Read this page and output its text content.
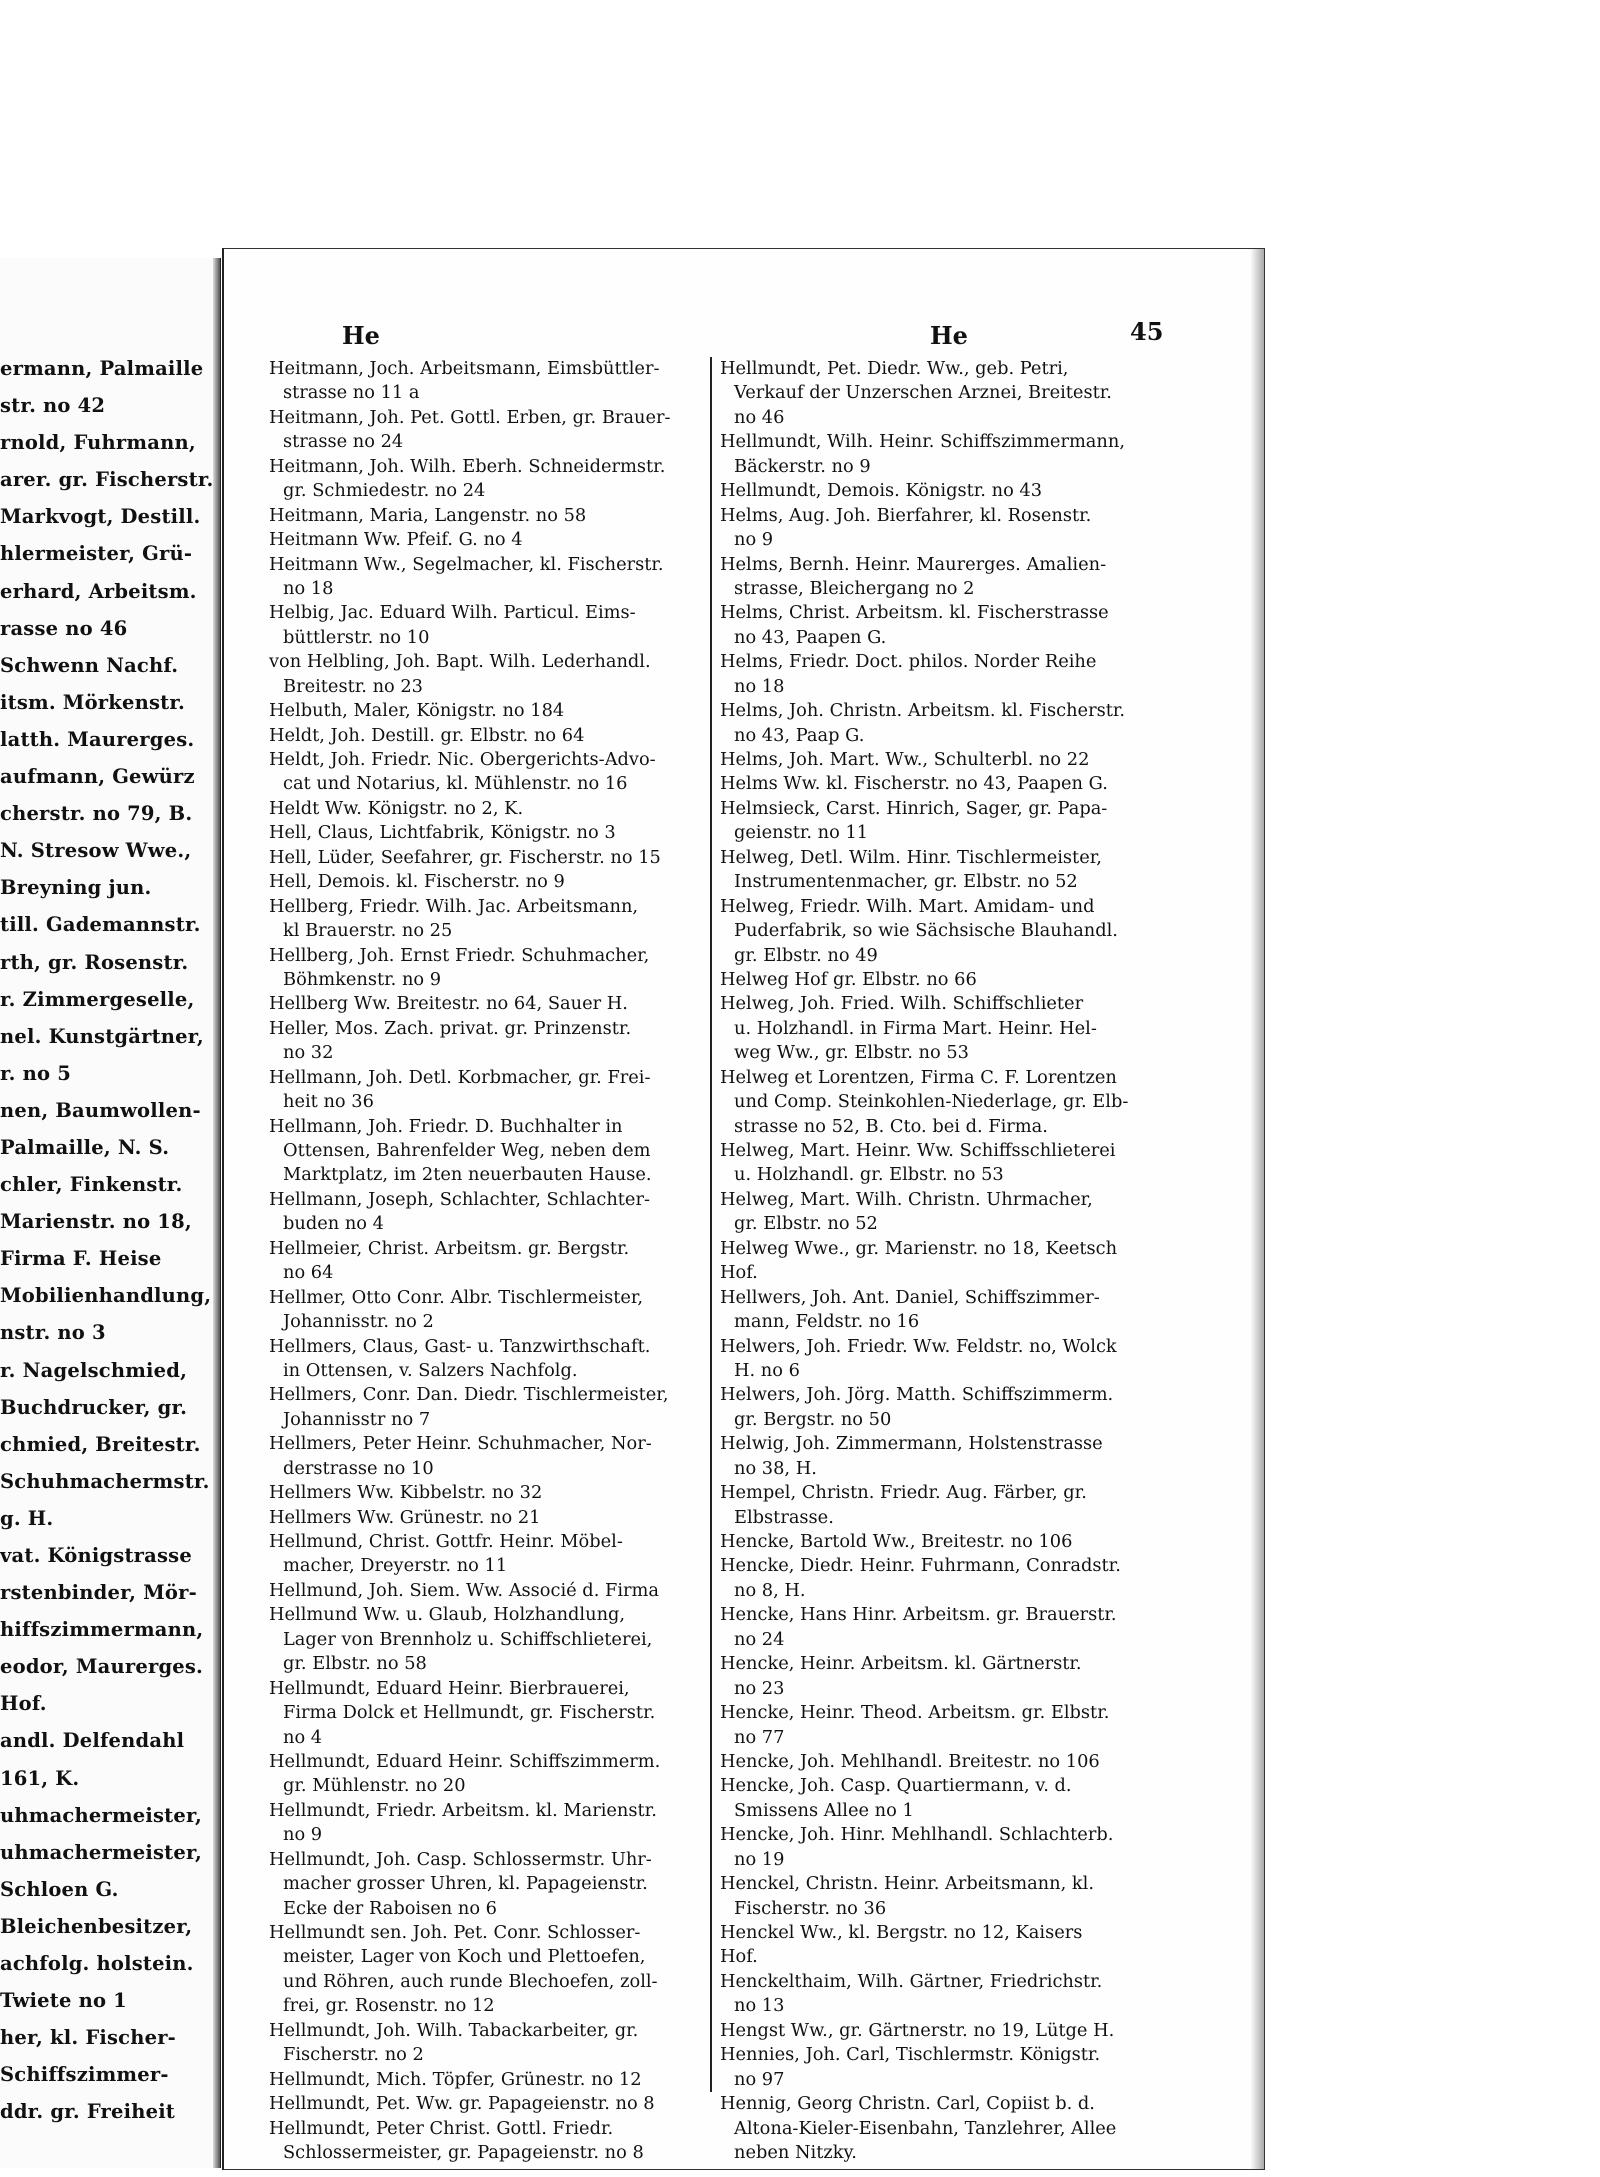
ermann, Palmaille
str. no 42
rnold, Fuhrmann,
arer. gr. Fischerstr.
Markvogt, Destill.
hlermeister, Grü-
erhard, Arbeitsm.
rasse no 46
Schwenn Nachf.
itsm. Mörkenstr.
latth. Maurerges.
aufmann, Gewürz
cherstr. no 79, B.
N. Stresow Wwe.,
Breyning jun.
till. Gademannstr.
rth, gr. Rosenstr.
r. Zimmergeselle,
nel. Kunstgärtner,
r. no 5
nen, Baumwollen-
Palmaille, N. S.
chler, Finkenstr.
Marienstr. no 18,
Firma F. Heise
Mobilienhandlung,
nstr. no 3
r. Nagelschmied,
Buchdrucker, gr.
chmied, Breitestr.
Schuhmachermstr.
g. H.
vat. Königstrasse
rstenbinder, Mör-
hiffszimmermann,
eodor, Maurerges.
Hof.
andl. Delfendahl
161, K.
uhmachermeister,
uhmachermeister,
Schloen G.
Bleichenbesitzer,
achfolg. holstein.
Twiete no 1
her, kl. Fischer-
Schiffszimmer-
ddr. gr. Freiheit
He	He	45
Heitmann, Joch. Arbeitsmann, Eimsbüttler-
strasse no 11 a
Heitmann, Joh. Pet. Gottl. Erben, gr. Brauer-
strasse no 24
Heitmann, Joh. Wilh. Eberh. Schneidermstr.
gr. Schmiedestr. no 24
Heitmann, Maria, Langenstr. no 58
Heitmann Ww. Pfeif. G. no 4
Heitmann Ww., Segelmacher, kl. Fischerstr.
no 18
Helbig, Jac. Eduard Wilh. Particul. Eims-
büttlerstr. no 10
von Helbling, Joh. Bapt. Wilh. Lederhandl.
Breitestr. no 23
Helbuth, Maler, Königstr. no 184
Heldt, Joh. Destill. gr. Elbstr. no 64
Heldt, Joh. Friedr. Nic. Obergerichts-Advo-
cat und Notarius, kl. Mühlenstr. no 16
Heldt Ww. Königstr. no 2, K.
Hell, Claus, Lichtfabrik, Königstr. no 3
Hell, Lüder, Seefahrer, gr. Fischerstr. no 15
Hell, Demois. kl. Fischerstr. no 9
Hellberg, Friedr. Wilh. Jac. Arbeitsmann,
kl Brauerstr. no 25
Hellberg, Joh. Ernst Friedr. Schuhmacher,
Böhmkenstr. no 9
Hellberg Ww. Breitestr. no 64, Sauer H.
Heller, Mos. Zach. privat. gr. Prinzenstr.
no 32
Hellmann, Joh. Detl. Korbmacher, gr. Frei-
heit no 36
Hellmann, Joh. Friedr. D. Buchhalter in
Ottensen, Bahrenfelder Weg, neben dem
Marktplatz, im 2ten neuerbauten Hause.
Hellmann, Joseph, Schlachter, Schlachter-
buden no 4
Hellmeier, Christ. Arbeitsm. gr. Bergstr.
no 64
Hellmer, Otto Conr. Albr. Tischlermeister,
Johannisstr. no 2
Hellmers, Claus, Gast- u. Tanzwirthschaft.
in Ottensen, v. Salzers Nachfolg.
Hellmers, Conr. Dan. Diedr. Tischlermeister,
Johannisstr no 7
Hellmers, Peter Heinr. Schuhmacher, Nor-
derstrasse no 10
Hellmers Ww. Kibbelstr. no 32
Hellmers Ww. Grünestr. no 21
Hellmund, Christ. Gottfr. Heinr. Möbel-
macher, Dreyerstr. no 11
Hellmund, Joh. Siem. Ww. Associé d. Firma
Hellmund Ww. u. Glaub, Holzhandlung,
Lager von Brennholz u. Schiffschlieterei,
gr. Elbstr. no 58
Hellmundt, Eduard Heinr. Bierbrauerei,
Firma Dolck et Hellmundt, gr. Fischerstr.
no 4
Hellmundt, Eduard Heinr. Schiffszimmerm.
gr. Mühlenstr. no 20
Hellmundt, Friedr. Arbeitsm. kl. Marienstr.
no 9
Hellmundt, Joh. Casp. Schlossermstr. Uhr-
macher grosser Uhren, kl. Papageienstr.
Ecke der Raboisen no 6
Hellmundt sen. Joh. Pet. Conr. Schlosser-
meister, Lager von Koch und Plettoefen,
und Röhren, auch runde Blechoefen, zoll-
frei, gr. Rosenstr. no 12
Hellmundt, Joh. Wilh. Tabackarbeiter, gr.
Fischerstr. no 2
Hellmundt, Mich. Töpfer, Grünestr. no 12
Hellmundt, Pet. Ww. gr. Papageienstr. no 8
Hellmundt, Peter Christ. Gottl. Friedr.
Schlossermeister, gr. Papageienstr. no 8
Hellmundt, Pet. Diedr. Ww., geb. Petri,
Verkauf der Unzerschen Arznei, Breitestr.
no 46
Hellmundt, Wilh. Heinr. Schiffszimmermann,
Bäckerstr. no 9
Hellmundt, Demois. Königstr. no 43
Helms, Aug. Joh. Bierfahrer, kl. Rosenstr.
no 9
Helms, Bernh. Heinr. Maurerges. Amalien-
strasse, Bleichergang no 2
Helms, Christ. Arbeitsm. kl. Fischerstrasse
no 43, Paapen G.
Helms, Friedr. Doct. philos. Norder Reihe
no 18
Helms, Joh. Christn. Arbeitsm. kl. Fischerstr.
no 43, Paap G.
Helms, Joh. Mart. Ww., Schulterbl. no 22
Helms Ww. kl. Fischerstr. no 43, Paapen G.
Helmsieck, Carst. Hinrich, Sager, gr. Papa-
geienstr. no 11
Helweg, Detl. Wilm. Hinr. Tischlermeister,
Instrumentenmacher, gr. Elbstr. no 52
Helweg, Friedr. Wilh. Mart. Amidam- und
Puderfabrik, so wie Sächsische Blauhandl.
gr. Elbstr. no 49
Helweg Hof gr. Elbstr. no 66
Helweg, Joh. Fried. Wilh. Schiffschlieter
u. Holzhandl. in Firma Mart. Heinr. Hel-
weg Ww., gr. Elbstr. no 53
Helweg et Lorentzen, Firma C. F. Lorentzen
und Comp. Steinkohlen-Niederlage, gr. Elb-
strasse no 52, B. Cto. bei d. Firma.
Helweg, Mart. Heinr. Ww. Schiffsschlieterei
u. Holzhandl. gr. Elbstr. no 53
Helweg, Mart. Wilh. Christn. Uhrmacher,
gr. Elbstr. no 52
Helweg Wwe., gr. Marienstr. no 18, Keetsch
Hof.
Hellwers, Joh. Ant. Daniel, Schiffszimmer-
mann, Feldstr. no 16
Helwers, Joh. Friedr. Ww. Feldstr. no, Wolck
H. no 6
Helwers, Joh. Jörg. Matth. Schiffszimmerm.
gr. Bergstr. no 50
Helwig, Joh. Zimmermann, Holstenstrasse
no 38, H.
Hempel, Christn. Friedr. Aug. Färber, gr.
Elbstrasse.
Hencke, Bartold Ww., Breitestr. no 106
Hencke, Diedr. Heinr. Fuhrmann, Conradstr.
no 8, H.
Hencke, Hans Hinr. Arbeitsm. gr. Brauerstr.
no 24
Hencke, Heinr. Arbeitsm. kl. Gärtnerstr.
no 23
Hencke, Heinr. Theod. Arbeitsm. gr. Elbstr.
no 77
Hencke, Joh. Mehlhandl. Breitestr. no 106
Hencke, Joh. Casp. Quartiermann, v. d.
Smissens Allee no 1
Hencke, Joh. Hinr. Mehlhandl. Schlachterb.
no 19
Henckel, Christn. Heinr. Arbeitsmann, kl.
Fischerstr. no 36
Henckel Ww., kl. Bergstr. no 12, Kaisers
Hof.
Henckelthaim, Wilh. Gärtner, Friedrichstr.
no 13
Hengst Ww., gr. Gärtnerstr. no 19, Lütge H.
Hennies, Joh. Carl, Tischlermstr. Königstr.
no 97
Hennig, Georg Christn. Carl, Copiist b. d.
Altona-Kieler-Eisenbahn, Tanzlehrer, Allee
neben Nitzky.
